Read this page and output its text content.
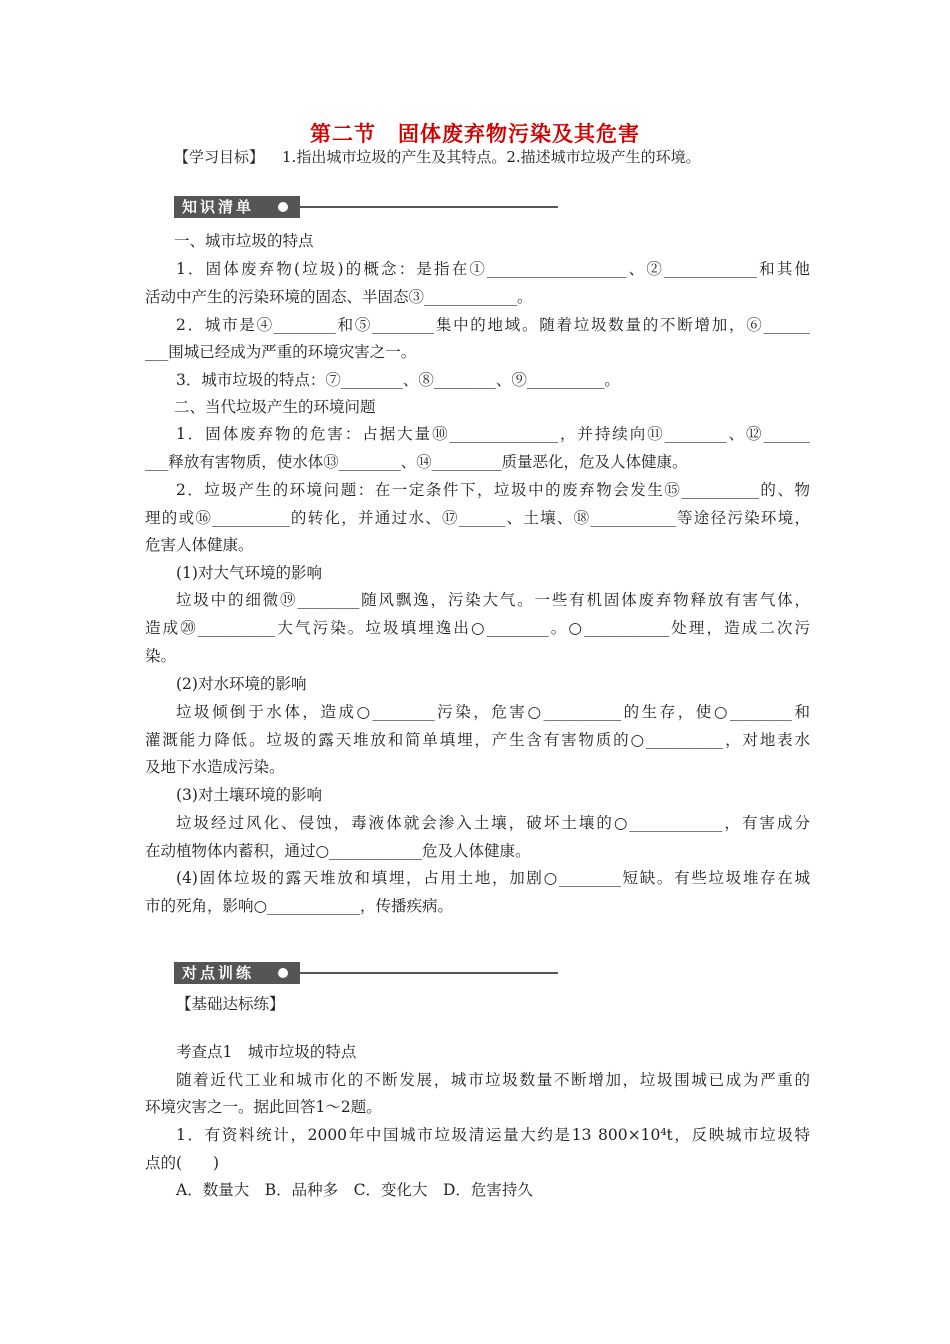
第二节　固体废弃物污染及其危害
【学习目标】 1.指出城市垃圾的产生及其特点。2.描述城市垃圾产生的环境。
知识清单
一、城市垃圾的特点
1．固体废弃物(垃圾)的概念：是指在①__________________、②____________和其他
活动中产生的污染环境的固态、半固态③____________。
2．城市是④________和⑤________集中的地域。随着垃圾数量的不断增加，⑥______
___围城已经成为严重的环境灾害之一。
3．城市垃圾的特点：⑦________、⑧________、⑨__________。
二、当代垃圾产生的环境问题
1．固体废弃物的危害：占据大量⑩______________，并持续向⑪________、⑫______
___释放有害物质，使水体⑬________、⑭_________质量恶化，危及人体健康。
2．垃圾产生的环境问题：在一定条件下，垃圾中的废弃物会发生⑮__________的、物
理的或⑯__________的转化，并通过水、⑰______、土壤、⑱___________等途径污染环境，
危害人体健康。
(1)对大气环境的影响
垃圾中的细微⑲________随风飘逸，污染大气。一些有机固体废弃物释放有害气体，
造成⑳__________大气污染。垃圾填埋逸出○________。○___________处理，造成二次污
染。
(2)对水环境的影响
垃圾倾倒于水体，造成○________污染，危害○__________的生存，使○________和
灌溉能力降低。垃圾的露天堆放和简单填埋，产生含有害物质的○__________，对地表水
及地下水造成污染。
(3)对土壤环境的影响
垃圾经过风化、侵蚀，毒液体就会渗入土壤，破坏土壤的○____________，有害成分
在动植物体内蓄积，通过○____________危及人体健康。
(4)固体垃圾的露天堆放和填埋，占用土地，加剧○________短缺。有些垃圾堆存在城
市的死角，影响○____________，传播疾病。
对点训练
【基础达标练】
考查点1　城市垃圾的特点
随着近代工业和城市化的不断发展，城市垃圾数量不断增加，垃圾围城已成为严重的
环境灾害之一。据此回答1～2题。
1．有资料统计，2000年中国城市垃圾清运量大约是13 800×10⁴t，反映城市垃圾特
点的(　　)
A．数量大　B．品种多　C．变化大　D．危害持久
